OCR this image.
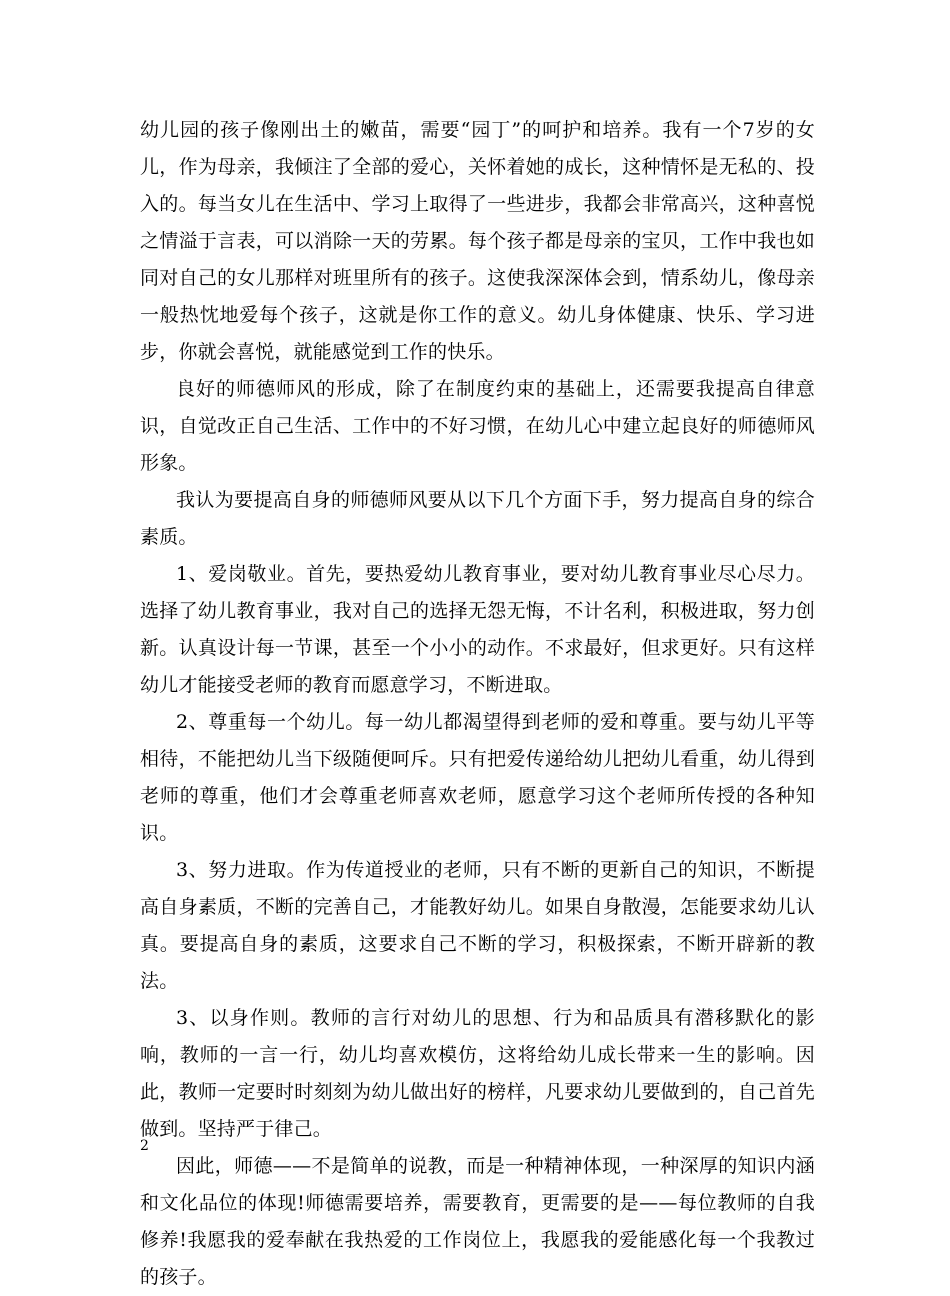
幼儿园的孩子像刚出土的嫩苗，需要“园丁”的呵护和培养。我有一个7岁的女儿，作为母亲，我倾注了全部的爱心，关怀着她的成长，这种情怀是无私的、投入的。每当女儿在生活中、学习上取得了一些进步，我都会非常高兴，这种喜悦之情溢于言表，可以消除一天的劳累。每个孩子都是母亲的宝贝，工作中我也如同对自己的女儿那样对班里所有的孩子。这使我深深体会到，情系幼儿，像母亲一般热忱地爱每个孩子，这就是你工作的意义。幼儿身体健康、快乐、学习进步，你就会喜悦，就能感觉到工作的快乐。

良好的师德师风的形成，除了在制度约束的基础上，还需要我提高自律意识，自觉改正自己生活、工作中的不好习惯，在幼儿心中建立起良好的师德师风形象。

我认为要提高自身的师德师风要从以下几个方面下手，努力提高自身的综合素质。

1、爱岗敬业。首先，要热爱幼儿教育事业，要对幼儿教育事业尽心尽力。选择了幼儿教育事业，我对自己的选择无怨无悔，不计名利，积极进取，努力创新。认真设计每一节课，甚至一个小小的动作。不求最好，但求更好。只有这样幼儿才能接受老师的教育而愿意学习，不断进取。

2、尊重每一个幼儿。每一幼儿都渴望得到老师的爱和尊重。要与幼儿平等相待，不能把幼儿当下级随便呵斥。只有把爱传递给幼儿把幼儿看重，幼儿得到老师的尊重，他们才会尊重老师喜欢老师，愿意学习这个老师所传授的各种知识。

3、努力进取。作为传道授业的老师，只有不断的更新自己的知识，不断提高自身素质，不断的完善自己，才能教好幼儿。如果自身散漫，怎能要求幼儿认真。要提高自身的素质，这要求自己不断的学习，积极探索，不断开辟新的教法。

3、以身作则。教师的言行对幼儿的思想、行为和品质具有潜移默化的影响，教师的一言一行，幼儿均喜欢模仿，这将给幼儿成长带来一生的影响。因此，教师一定要时时刻刻为幼儿做出好的榜样，凡要求幼儿要做到的，自己首先做到。坚持严于律己。

因此，师德——不是简单的说教，而是一种精神体现，一种深厚的知识内涵和文化品位的体现!师德需要培养，需要教育，更需要的是——每位教师的自我修养!我愿我的爱奉献在我热爱的工作岗位上，我愿我的爱能感化每一个我教过的孩子。

2
